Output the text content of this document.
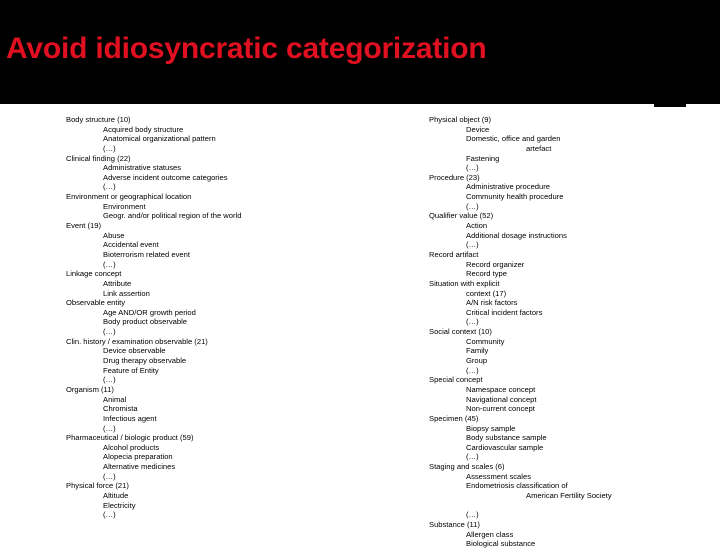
Avoid idiosyncratic categorization
Body structure (10)
Acquired body structure
Anatomical organizational pattern
(…)
Clinical finding (22)
Administrative statuses
Adverse incident outcome categories
(…)
Environment or geographical location
Environment
Geogr. and/or political region of the world
Event (19)
Abuse
Accidental event
Bioterrorism related event
(…)
Linkage concept
Attribute
Link assertion
Observable entity
Age AND/OR growth period
Body product observable
(…)
Clin. history / examination observable (21)
Device observable
Drug therapy observable
Feature of Entity
(…)
Organism (11)
Animal
Chromista
Infectious agent
(…)
Pharmaceutical / biologic product (59)
Alcohol products
Alopecia preparation
Alternative medicines
(…)
Physical force (21)
Altitude
Electricity
(…)
Physical object (9)
Device
Domestic, office and garden
artefact
Fastening
(…)
Procedure (23)
Administrative procedure
Community health procedure
(…)
Qualifier value (52)
Action
Additional dosage instructions
(…)
Record artifact
Record organizer
Record type
Situation with explicit
context (17)
A/N risk factors
Critical incident factors
(…)
Social context (10)
Community
Family
Group
(…)
Special concept
Namespace concept
Navigational concept
Non-current concept
Specimen (45)
Biopsy sample
Body substance sample
Cardiovascular sample
(…)
Staging and scales (6)
Assessment scales
Endometriosis classification of
American Fertility Society
(…)
Substance (11)
Allergen class
Biological substance
